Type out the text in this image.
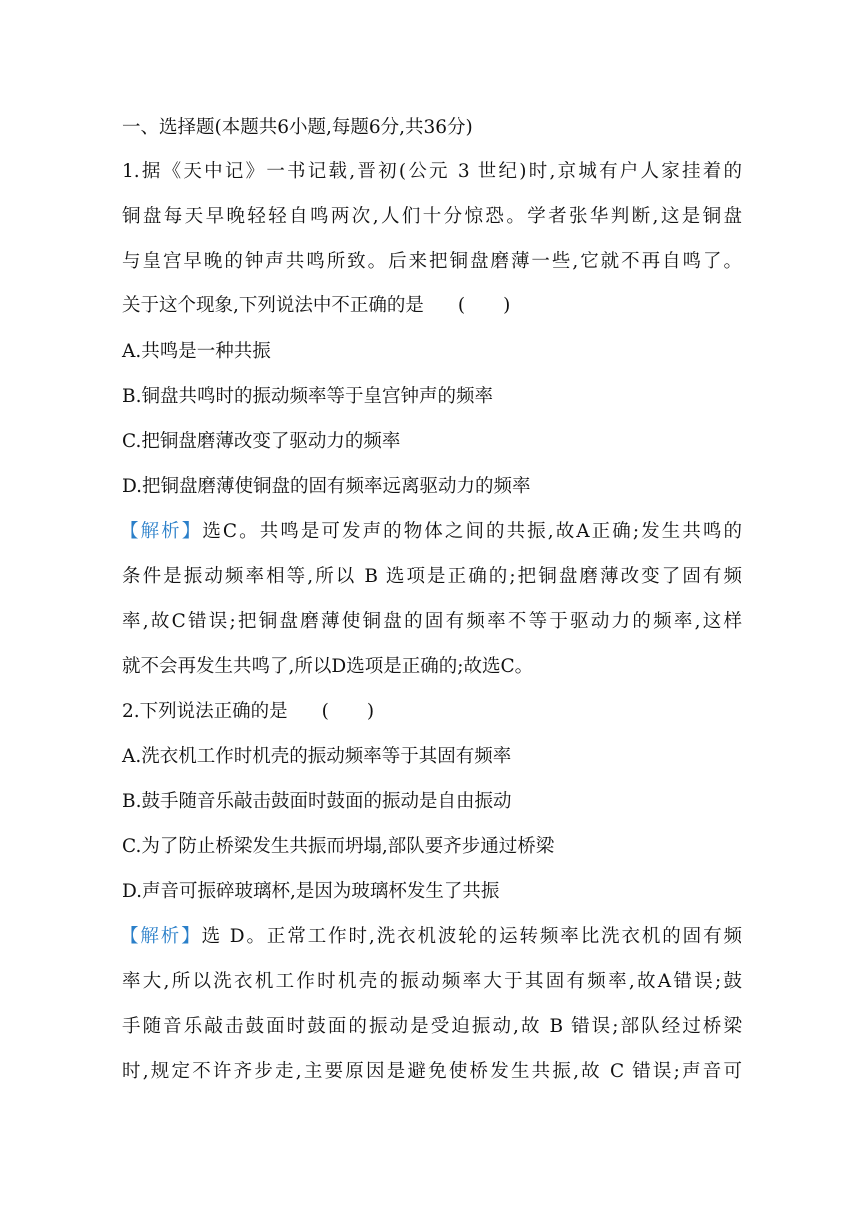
一、选择题(本题共6小题,每题6分,共36分)
1.据《天中记》一书记载,晋初(公元 3 世纪)时,京城有户人家挂着的
铜盘每天早晚轻轻自鸣两次,人们十分惊恐。学者张华判断,这是铜盘
与皇宫早晚的钟声共鸣所致。后来把铜盘磨薄一些,它就不再自鸣了。
关于这个现象,下列说法中不正确的是 ( )
A.共鸣是一种共振
B.铜盘共鸣时的振动频率等于皇宫钟声的频率
C.把铜盘磨薄改变了驱动力的频率
D.把铜盘磨薄使铜盘的固有频率远离驱动力的频率
【解析】选C。共鸣是可发声的物体之间的共振,故A正确;发生共鸣的
条件是振动频率相等,所以 B 选项是正确的;把铜盘磨薄改变了固有频
率,故C错误;把铜盘磨薄使铜盘的固有频率不等于驱动力的频率,这样
就不会再发生共鸣了,所以D选项是正确的;故选C。
2.下列说法正确的是 ( )
A.洗衣机工作时机壳的振动频率等于其固有频率
B.鼓手随音乐敲击鼓面时鼓面的振动是自由振动
C.为了防止桥梁发生共振而坍塌,部队要齐步通过桥梁
D.声音可振碎玻璃杯,是因为玻璃杯发生了共振
【解析】选 D。正常工作时,洗衣机波轮的运转频率比洗衣机的固有频
率大,所以洗衣机工作时机壳的振动频率大于其固有频率,故A错误;鼓
手随音乐敲击鼓面时鼓面的振动是受迫振动,故 B 错误;部队经过桥梁
时,规定不许齐步走,主要原因是避免使桥发生共振,故 C 错误;声音可
